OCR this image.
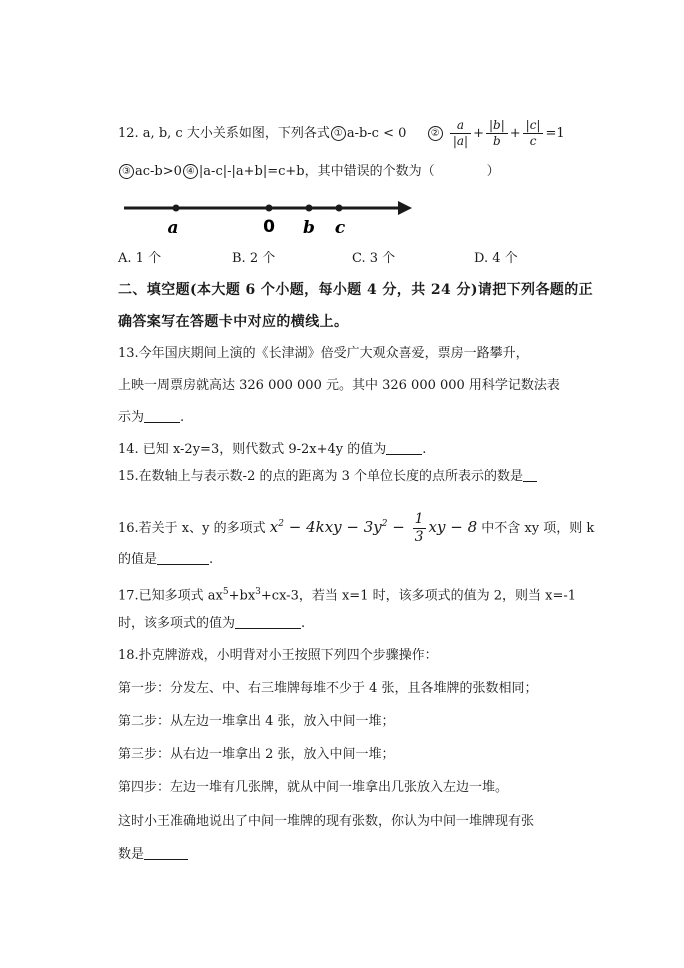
12. a, b, c 大小关系如图，下列各式 ① a-b-c < 0 ② $\frac{a}{|a|} + \frac{|b|}{b} + \frac{|c|}{c} =1$
③ ac-b>0 ④ |a-c|-|a+b|=c+b，其中错误的个数为（	）
a	0 b c
A. 1 个	B. 2 个	C. 3 个	D. 4 个
二、填空题(本大题 6 个小题，每小题 4 分，共 24 分)请把下列各题的正
确答案写在答题卡中对应的横线上。
13.今年国庆期间上演的《长津湖》倍受广大观众喜爱，票房一路攀升，
上映一周票房就高达 326 000 000 元。其中 326 000 000 用科学记数法表
示为	.
14. 已知 x-2y=3，则代数式 9-2x+4y 的值为	.
15.在数轴上与表示数-2 的点的距离为 3 个单位长度的点所表示的数是
16.若关于 x、y 的多项式 $x^2 - 4kxy - 3y^2 - \frac{1}{3}$ xy − 8 中不含 xy 项，则 k
的值是	.
17.已知多项式 $ax^5+bx^3+cx-3$，若当 x=1 时，该多项式的值为 2，则当 x=-1
时，该多项式的值为	.
18.扑克牌游戏，小明背对小王按照下列四个步骤操作：
第一步：分发左、中、右三堆牌每堆不少于 4 张，且各堆牌的张数相同；
第二步：从左边一堆拿出 4 张，放入中间一堆；
第三步：从右边一堆拿出 2 张，放入中间一堆；
第四步：左边一堆有几张牌，就从中间一堆拿出几张放入左边一堆。
这时小王准确地说出了中间一堆牌的现有张数，你认为中间一堆牌现有张
数是
